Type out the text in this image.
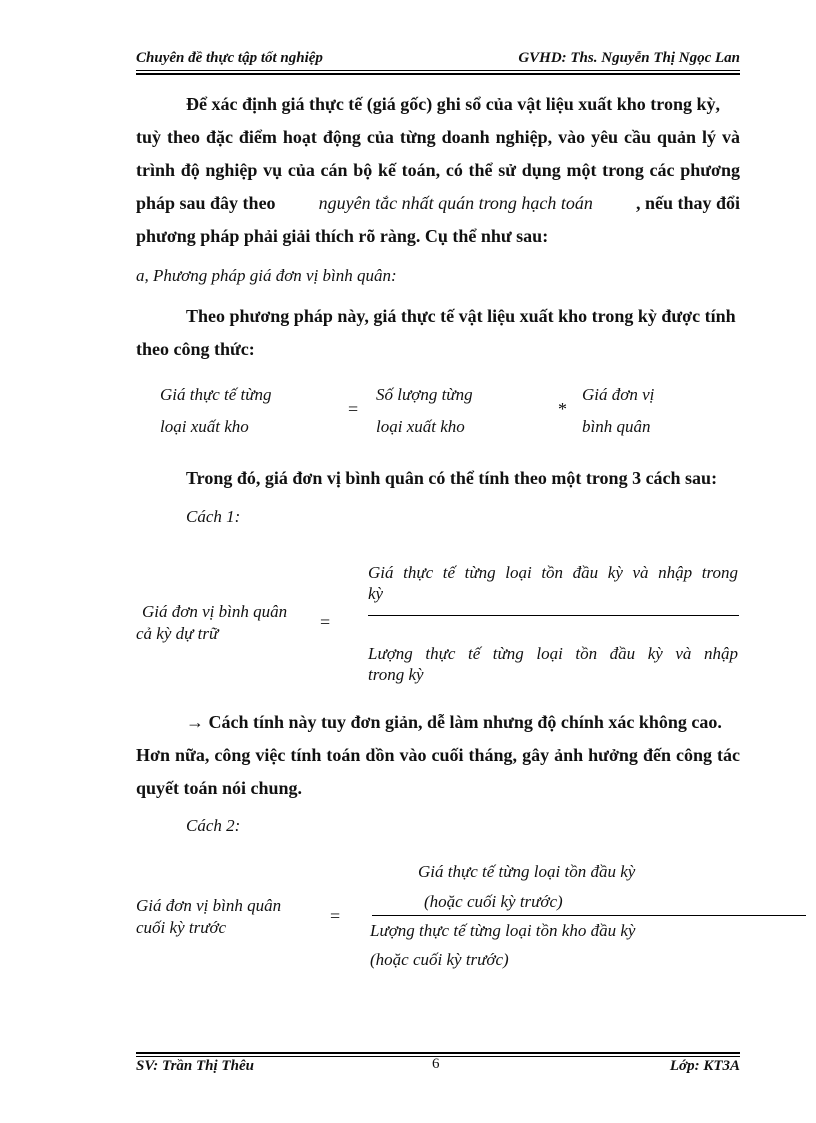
Chuyên đề thực tập tốt nghiệp	GVHD: Ths. Nguyễn Thị Ngọc Lan
Để xác định giá thực tế (giá gốc) ghi sổ của vật liệu xuất kho trong kỳ,
tuỳ theo đặc điểm hoạt động của từng doanh nghiệp, vào yêu cầu quản lý và
trình độ nghiệp vụ của cán bộ kế toán, có thể sử dụng một trong các phương
pháp sau đây theo nguyên tắc nhất quán trong hạch toán , nếu thay đổi
phương pháp phải giải thích rõ ràng. Cụ thể như sau:
a, Phương pháp giá đơn vị bình quân:
Theo phương pháp này, giá thực tế vật liệu xuất kho trong kỳ được tính
theo công thức:
Giá thực tế từng
loại xuất kho
=
Số lượng từng
loại xuất kho
*
Giá đơn vị
bình quân
Trong đó, giá đơn vị bình quân có thể tính theo một trong 3 cách sau:
Cách 1:
Giá đơn vị bình quân
cả kỳ dự trữ
=
Giá thực tế từng loại tồn đầu kỳ và nhập trong
kỳ
Lượng thực tế từng loại tồn đầu kỳ và nhập
trong kỳ
→ Cách tính này tuy đơn giản, dễ làm nhưng độ chính xác không cao.
Hơn nữa, công việc tính toán dồn vào cuối tháng, gây ảnh hưởng đến công tác
quyết toán nói chung.
Cách 2:
Giá thực tế từng loại tồn đầu kỳ
(hoặc cuối kỳ trước)
Giá đơn vị bình quân
cuối kỳ trước
=
Lượng thực tế từng loại tồn kho đầu kỳ
(hoặc cuối kỳ trước)
SV: Trần Thị Thêu	6	Lớp: KT3A
